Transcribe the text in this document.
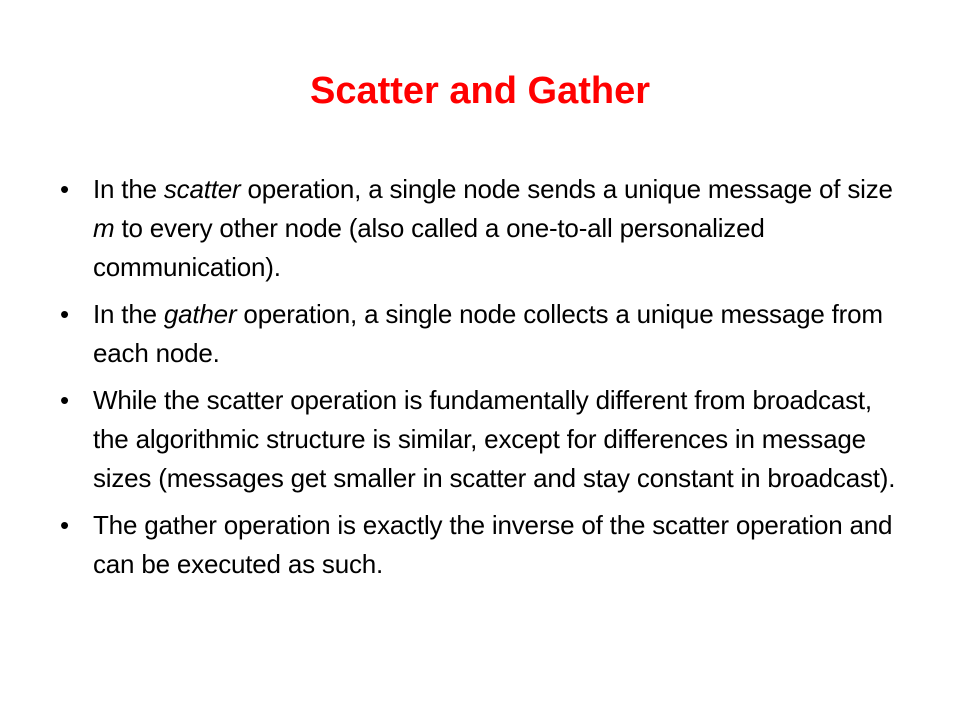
Scatter and Gather
• In the scatter operation, a single node sends a unique message of size m to every other node (also called a one-to-all personalized communication).
• In the gather operation, a single node collects a unique message from each node.
• While the scatter operation is fundamentally different from broadcast, the algorithmic structure is similar, except for differences in message sizes (messages get smaller in scatter and stay constant in broadcast).
• The gather operation is exactly the inverse of the scatter operation and can be executed as such.
